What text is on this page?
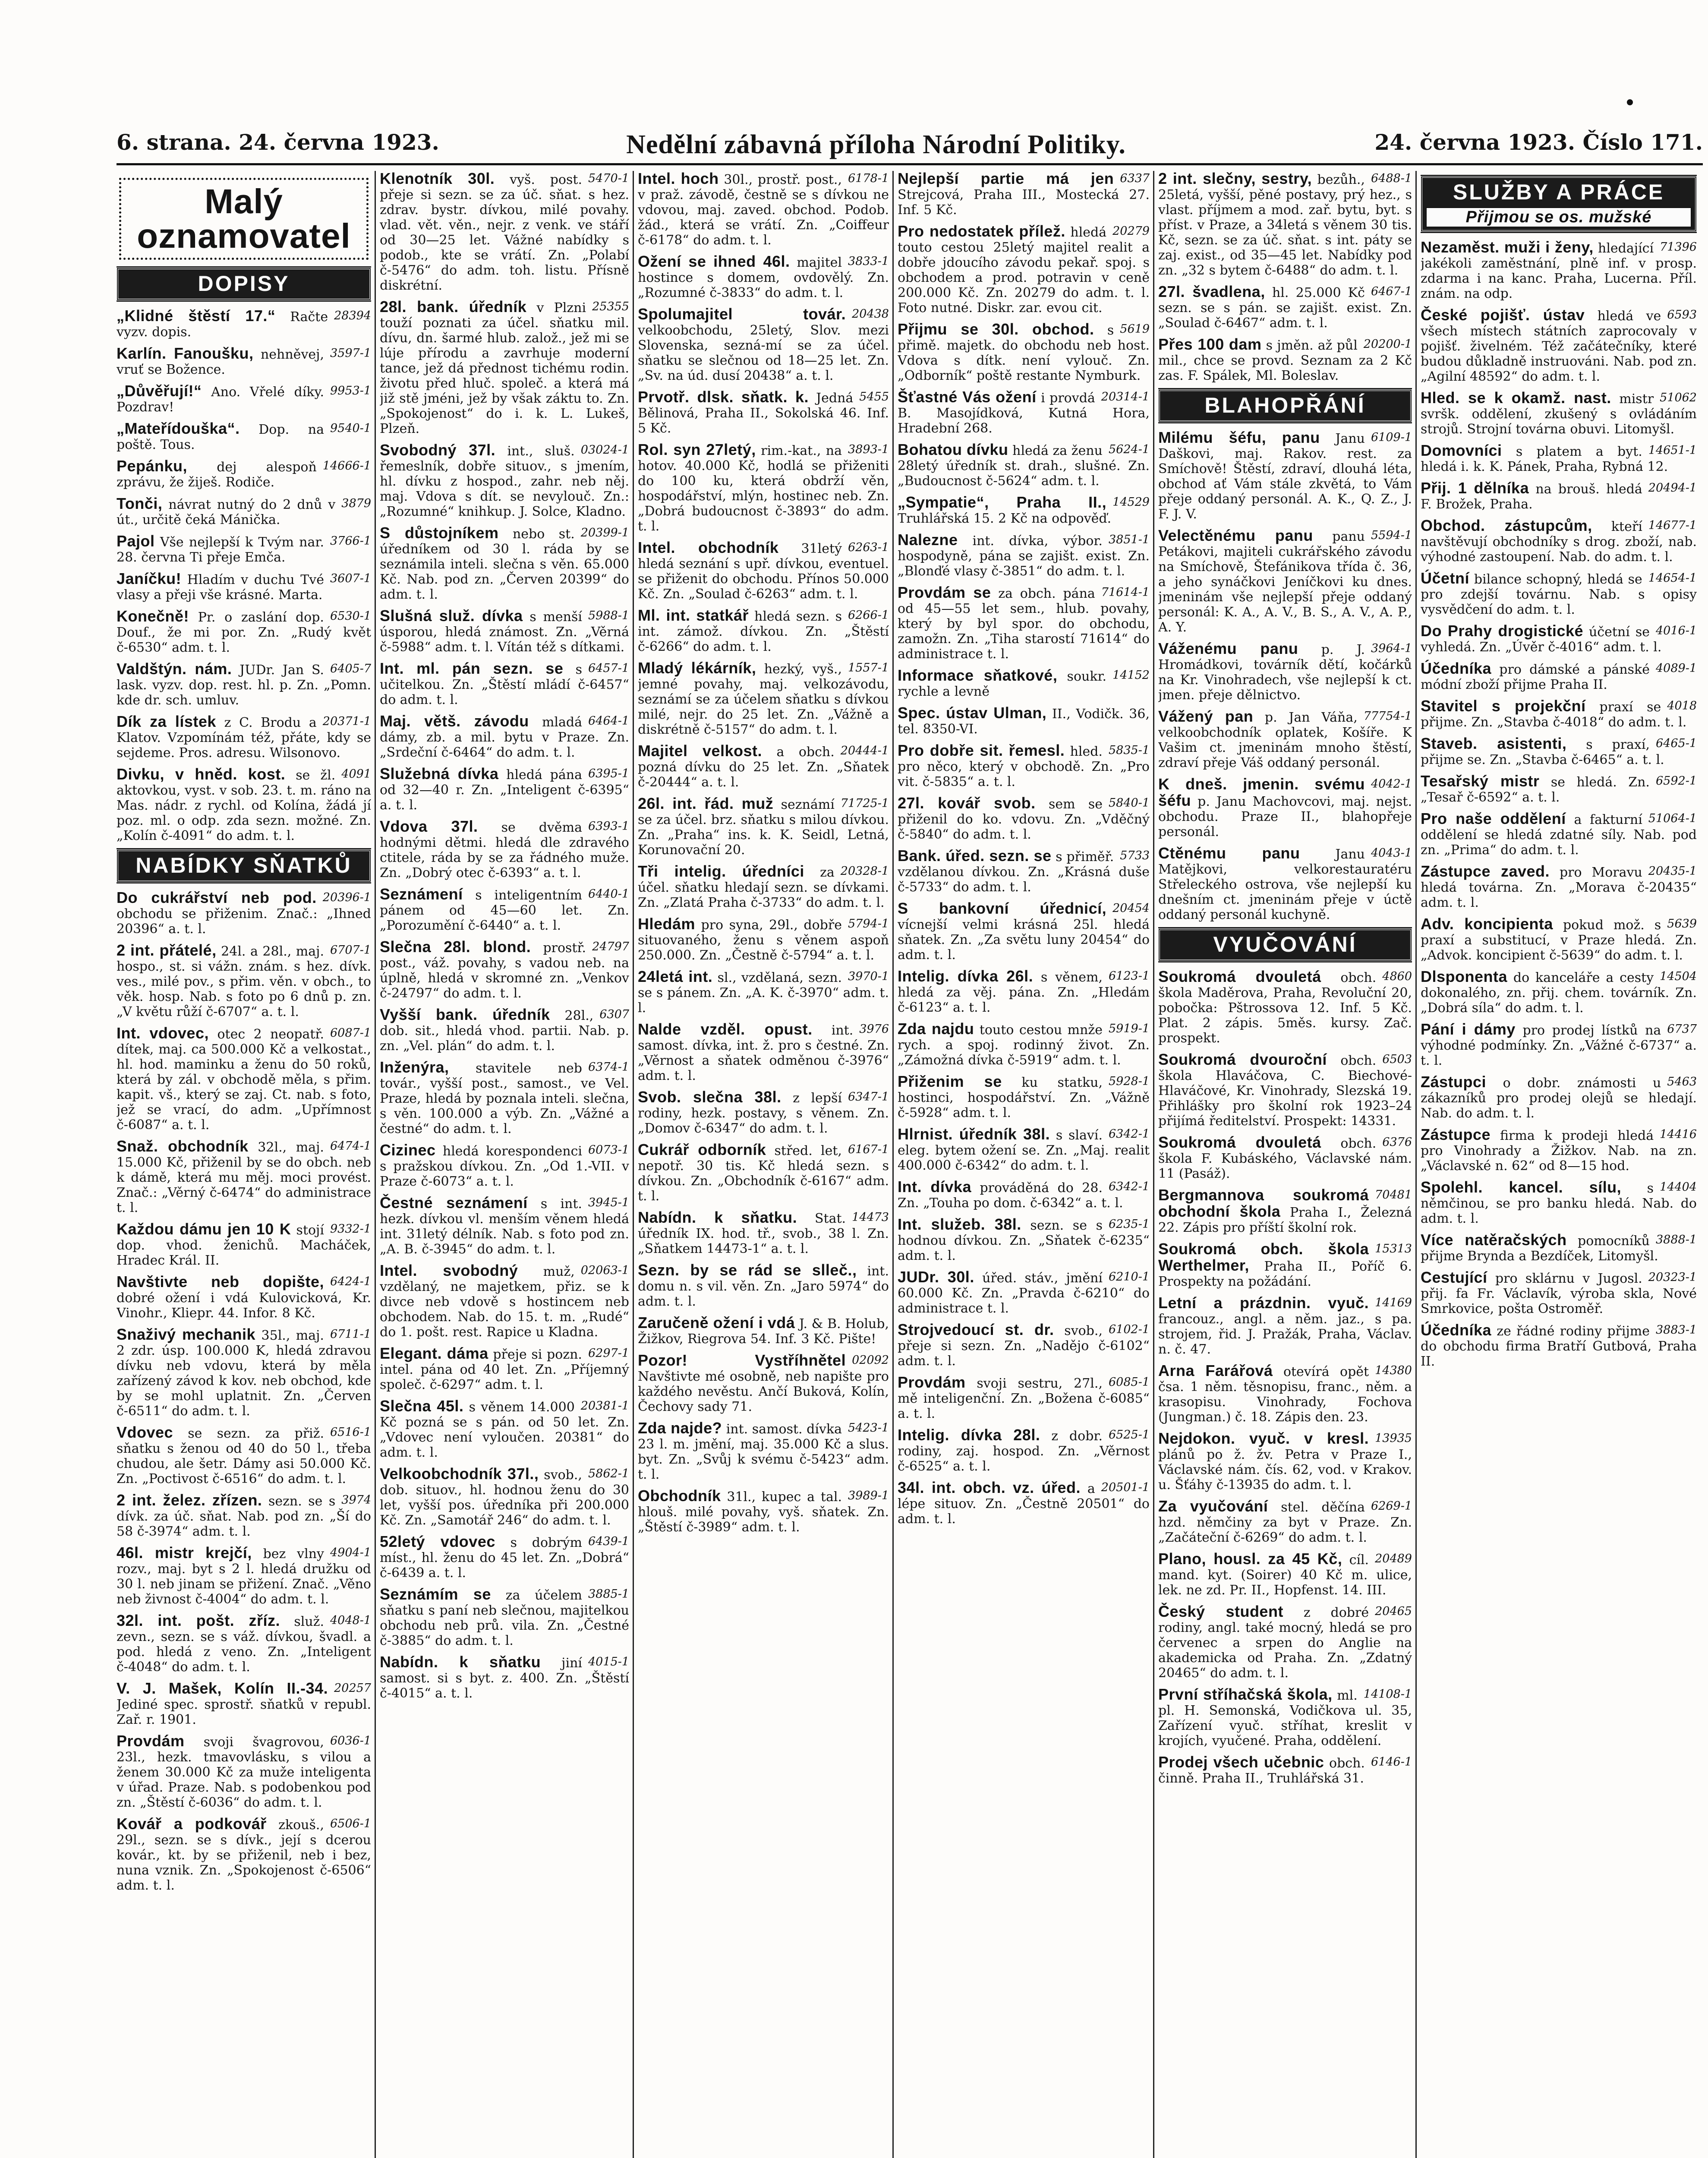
6. strana. 24. června 1923.	Nedělní zábavná příloha Národní Politiky.	24. června 1923. Číslo 171.
Malý
oznamovatel
DOPISY
28394
„Klidné štěstí 17.“ Račte vyzv. dopis.
3597-1
Karlín. Fanoušku, nehněvej, vruť se Božence.
9953-1
„Důvěřují!“ Ano. Vřelé díky. Pozdrav!
9540-1
„Mateřídouška“. Dop. na poště. Tous.
14666-1
Pepánku, dej alespoň zprávu, že žiješ. Rodiče.
3879
Tonči, návrat nutný do 2 dnů v út., určitě čeká Mánička.
3766-1
Pajol Vše nejlepší k Tvým nar. 28. června Ti přeje Emča.
3607-1
Janíčku! Hladím v duchu Tvé vlasy a přeji vše krásné. Marta.
6530-1
Konečně! Pr. o zaslání dop. Douf., že mi por. Zn. „Rudý květ č-6530“ adm. t. l.
6405-7
Valdštýn. nám. JUDr. Jan S. lask. vyzv. dop. rest. hl. p. Zn. „Pomn. kde dr. sch. umluv.
20371-1
Dík za lístek z C. Brodu a Klatov. Vzpomínám též, přáte, kdy se sejdeme. Pros. adresu. Wilsonovo.
4091
Divku, v hněd. kost. se žl. aktovkou, vyst. v sob. 23. t. m. ráno na Mas. nádr. z rychl. od Kolína, žádá jí poz. ml. o odp. zda sezn. možné. Zn. „Kolín č-4091“ do adm. t. l.
NABÍDKY SŇATKŮ
20396-1
Do cukrářství neb pod. obchodu se přiženim. Znač.: „Ihned 20396“ a. t. l.
6707-1
2 int. přátelé, 24l. a 28l., maj. hospo., st. si vážn. znám. s hez. dívk. ves., milé pov., s přim. věn. v obch., to věk. hosp. Nab. s foto po 6 dnů p. zn. „V květu růží č-6707“ a. t. l.
6087-1
Int. vdovec, otec 2 neopatř. dítek, maj. ca 500.000 Kč a velkostat., hl. hod. maminku a ženu do 50 roků, která by zál. v obchodě měla, s přim. kapit. vš., který se zaj. Ct. nab. s foto, jež se vrací, do adm. „Upřímnost č-6087“ a. t. l.
6474-1
Snaž. obchodník 32l., maj. 15.000 Kč, přiženil by se do obch. neb k dámě, která mu měj. moci provést. Znač.: „Věrný č-6474“ do administrace t. l.
9332-1
Každou dámu jen 10 K stojí dop. vhod. ženichů. Macháček, Hradec Král. II.
6424-1
Navštivte neb dopište, dobré ožení i vdá Kulovicková, Kr. Vinohr., Kliepr. 44. Infor. 8 Kč.
6711-1
Snaživý mechanik 35l., maj. 2 zdr. úsp. 100.000 K, hledá zdravou dívku neb vdovu, která by měla zařízený závod k kov. neb obchod, kde by se mohl uplatnit. Zn. „Červen č-6511“ do adm. t. l.
6516-1
Vdovec se sezn. za přiž. sňatku s ženou od 40 do 50 l., třeba chudou, ale šetr. Dámy asi 50.000 Kč. Zn. „Poctivost č-6516“ do adm. t. l.
3974
2 int. želez. zřízen. sezn. se s dívk. za úč. sňat. Nab. pod zn. „Ší do 58 č-3974“ adm. t. l.
4904-1
46l. mistr krejčí, bez vlny rozv., maj. byt s 2 l. hledá družku od 30 l. neb jinam se přižení. Znač. „Věno neb živnost č-4004“ do adm. t. l.
4048-1
32l. int. pošt. zříz. služ. zevn., sezn. se s váž. dívkou, švadl. a pod. hledá z veno. Zn. „Inteligent č-4048“ do adm. t. l.
20257
V. J. Mašek, Kolín II.-34. Jediné spec. sprostř. sňatků v republ. Zař. r. 1901.
6036-1
Provdám svoji švagrovou, 23l., hezk. tmavovlásku, s vilou a ženem 30.000 Kč za muže inteligenta v úřad. Praze. Nab. s podobenkou pod zn. „Štěstí č-6036“ do adm. t. l.
6506-1
Kovář a podkovář zkouš., 29l., sezn. se s dívk., její s dcerou kovár., kt. by se přiženil, neb i bez, nuna vznik. Zn. „Spokojenost č-6506“ adm. t. l.
5470-1
Klenotník 30l. vyš. post. přeje si sezn. se za úč. sňat. s hez. zdrav. bystr. dívkou, milé povahy. vlad. vět. věn., nejr. z venk. ve stáří od 30—25 let. Vážné nabídky s podob., kte se vrátí. Zn. „Polabí č-5476“ do adm. toh. listu. Přísně diskrétní.
25355
28l. bank. úředník v Plzni touží poznati za účel. sňatku mil. dívu, dn. šarmé hlub. založ., jež mi se lúje přírodu a zavrhuje moderní tance, jež dá přednost tichému rodin. životu před hluč. společ. a která má již stě jméni, jež by však záktu to. Zn. „Spokojenost“ do i. k. L. Lukeš, Plzeň.
03024-1
Svobodný 37l. int., sluš. řemeslník, dobře situov., s jmením, hl. dívku z hospod., zahr. neb něj. maj. Vdova s dít. se nevylouč. Zn.: „Rozumné“ knihkup. J. Solce, Kladno.
20399-1
S důstojníkem nebo st. úředníkem od 30 l. ráda by se seznámila inteli. slečna s věn. 65.000 Kč. Nab. pod zn. „Červen 20399“ do adm. t. l.
5988-1
Slušná služ. dívka s menší úsporou, hledá známost. Zn. „Věrná č-5988“ adm. t. l. Vítán též s dítkami.
6457-1
Int. ml. pán sezn. se s učitelkou. Zn. „Štěstí mládí č-6457“ do adm. t. l.
6464-1
Maj. větš. závodu mladá dámy, zb. a mil. bytu v Praze. Zn. „Srdeční č-6464“ do adm. t. l.
6395-1
Služebná dívka hledá pána od 32—40 r. Zn. „Inteligent č-6395“ a. t. l.
6393-1
Vdova 37l. se dvěma hodnými dětmi. hledá dle zdravého ctitele, ráda by se za řádného muže. Zn. „Dobrý otec č-6393“ a. t. l.
6440-1
Seznámení s inteligentním pánem od 45—60 let. Zn. „Porozumění č-6440“ a. t. l.
24797
Slečna 28l. blond. prostř. post., váž. povahy, s vadou neb. na úplně, hledá v skromné zn. „Venkov č-24797“ do adm. t. l.
6307
Vyšší bank. úředník 28l., dob. sit., hledá vhod. partii. Nab. p. zn. „Vel. plán“ do adm. t. l.
6374-1
Inženýra, stavitele neb továr., vyšší post., samost., ve Vel. Praze, hledá by poznala inteli. slečna, s věn. 100.000 a výb. Zn. „Vážné a čestné“ do adm. t. l.
6073-1
Cizinec hledá korespondenci s pražskou dívkou. Zn. „Od 1.-VII. v Praze č-6073“ a. t. l.
3945-1
Čestné seznámení s int. hezk. dívkou vl. menším věnem hledá int. 31letý délník. Nab. s foto pod zn. „A. B. č-3945“ do adm. t. l.
02063-1
Intel. svobodný muž, vzdělaný, ne majetkem, přiz. se k divce neb vdově s hostincem neb obchodem. Nab. do 15. t. m. „Rudé“ do 1. pošt. rest. Rapice u Kladna.
6297-1
Elegant. dáma přeje si pozn. intel. pána od 40 let. Zn. „Příjemný společ. č-6297“ adm. t. l.
20381-1
Slečna 45l. s věnem 14.000 Kč pozná se s pán. od 50 let. Zn. „Vdovec není vyloučen. 20381“ do adm. t. l.
5862-1
Velkoobchodník 37l., svob., dob. situov., hl. hodnou ženu do 30 let, vyšší pos. úředníka při 200.000 Kč. Zn. „Samotář 246“ do adm. t. l.
6439-1
52letý vdovec s dobrým míst., hl. ženu do 45 let. Zn. „Dobrá“ č-6439 a. t. l.
3885-1
Seznámím se za účelem sňatku s paní neb slečnou, majitelkou obchodu neb prů. vila. Zn. „Čestné č-3885“ do adm. t. l.
4015-1
Nabídn. k sňatku jiní samost. si s byt. z. 400. Zn. „Štěstí č-4015“ a. t. l.
6178-1
Intel. hoch 30l., prostř. post., v praž. závodě, čestně se s dívkou ne vdovou, maj. zaved. obchod. Podob. žád., která se vrátí. Zn. „Coiffeur č-6178“ do adm. t. l.
3833-1
Ožení se ihned 46l. majitel hostince s domem, ovdovělý. Zn. „Rozumné č-3833“ do adm. t. l.
20438
Spolumajitel továr. velkoobchodu, 25letý, Slov. mezi Slovenska, sezná-mí se za účel. sňatku se slečnou od 18—25 let. Zn. „Sv. na úd. dusí 20438“ a. t. l.
5455
Prvotř. dlsk. sňatk. k. Jedná Bělinová, Praha II., Sokolská 46. Inf. 5 Kč.
3893-1
Rol. syn 27letý, rim.-kat., na hotov. 40.000 Kč, hodlá se přiženiti do 100 ku, která obdrží věn, hospodářství, mlýn, hostinec neb. Zn. „Dobrá budoucnost č-3893“ do adm. t. l.
6263-1
Intel. obchodník 31letý hledá seznání s upř. dívkou, eventuel. se přiženit do obchodu. Přínos 50.000 Kč. Zn. „Soulad č-6263“ adm. t. l.
6266-1
Ml. int. statkář hledá sezn. s int. zámož. dívkou. Zn. „Štěstí č-6266“ do adm. t. l.
1557-1
Mladý lékárník, hezký, vyš., jemné povahy, maj. velkozávodu, seznámí se za účelem sňatku s dívkou milé, nejr. do 25 let. Zn. „Vážně a diskrétně č-5157“ do adm. t. l.
20444-1
Majitel velkost. a obch. pozná dívku do 25 let. Zn. „Sňatek č-20444“ a. t. l.
71725-1
26l. int. řád. muž seznámí se za účel. brz. sňatku s milou dívkou. Zn. „Praha“ ins. k. K. Seidl, Letná, Korunovační 20.
20328-1
Tři intelig. úředníci za účel. sňatku hledají sezn. se dívkami. Zn. „Zlatá Praha č-3733“ do adm. t. l.
5794-1
Hledám pro syna, 29l., dobře situovaného, ženu s věnem aspoň 250.000. Zn. „Čestně č-5794“ a. t. l.
3970-1
24letá int. sl., vzdělaná, sezn. se s pánem. Zn. „A. K. č-3970“ adm. t. l.
3976
Nalde vzděl. opust. int. samost. dívka, int. ž. pro s čestné. Zn. „Věrnost a sňatek odměnou č-3976“ adm. t. l.
6347-1
Svob. slečna 38l. z lepší rodiny, hezk. postavy, s věnem. Zn. „Domov č-6347“ do adm. t. l.
6167-1
Cukrář odborník střed. let, nepotř. 30 tis. Kč hledá sezn. s dívkou. Zn. „Obchodník č-6167“ adm. t. l.
14473
Nabídn. k sňatku. Stat. úředník IX. hod. tř., svob., 38 l. Zn. „Sňatkem 14473-1“ a. t. l.
Sezn. by se rád se slleč., int. domu n. s vil. věn. Zn. „Jaro 5974“ do adm. t. l.
Zaručeně ožení i vdá J. & B. Holub, Žižkov, Riegrova 54. Inf. 3 Kč. Pište!
02092
Pozor! Vystříhnětel Navštivte mé osobně, neb napište pro každého nevěstu. Ančí Buková, Kolín, Čechovy sady 71.
5423-1
Zda najde? int. samost. dívka 23 l. m. jmění, maj. 35.000 Kč a slus. byt. Zn. „Svůj k svému č-5423“ adm. t. l.
3989-1
Obchodník 31l., kupec a tal. hlouš. milé povahy, vyš. sňatek. Zn. „Štěstí č-3989“ adm. t. l.
6337
Nejlepší partie má jen Strejcová, Praha III., Mostecká 27. Inf. 5 Kč.
20279
Pro nedostatek přílež. hledá touto cestou 25letý majitel realit a dobře jdoucího závodu pekař. spoj. s obchodem a prod. potravin v ceně 200.000 Kč. Zn. 20279 do adm. t. l. Foto nutné. Diskr. zar. evou cit.
5619
Přijmu se 30l. obchod. s přimě. majetk. do obchodu neb host. Vdova s dítk. není vylouč. Zn. „Odborník“ poště restante Nymburk.
20314-1
Šťastné Vás ožení i provdá B. Masojídková, Kutná Hora, Hradební 268.
5624-1
Bohatou dívku hledá za ženu 28letý úředník st. drah., slušné. Zn. „Budoucnost č-5624“ adm. t. l.
14529
„Sympatie“, Praha II., Truhlářská 15. 2 Kč na odpověď.
3851-1
Nalezne int. dívka, výbor. hospodyně, pána se zajišt. exist. Zn. „Blonďé vlasy č-3851“ do adm. t. l.
71614-1
Provdám se za obch. pána od 45—55 let sem., hlub. povahy, který by byl spor. do obchodu, zamožn. Zn. „Tiha starostí 71614“ do administrace t. l.
14152
Informace sňatkové, soukr. rychle a levně
Spec. ústav Ulman, II., Vodičk. 36, tel. 8350-VI.
5835-1
Pro dobře sit. řemesl. hled. pro něco, který v obchodě. Zn. „Pro vit. č-5835“ a. t. l.
5840-1
27l. kovář svob. sem se přiženil do ko. vdovu. Zn. „Vděčný č-5840“ do adm. t. l.
5733
Bank. úřed. sezn. se s přiměř. vzdělanou dívkou. Zn. „Krásná duše č-5733“ do adm. t. l.
20454
S bankovní úřednicí, vícnejší velmi krásná 25l. hledá sňatek. Zn. „Za světu luny 20454“ do adm. t. l.
6123-1
Intelig. dívka 26l. s věnem, hledá za věj. pána. Zn. „Hledám č-6123“ a. t. l.
5919-1
Zda najdu touto cestou mnže rych. a spoj. rodinný život. Zn. „Zámožná dívka č-5919“ adm. t. l.
5928-1
Přiženim se ku statku, hostinci, hospodářství. Zn. „Vážně č-5928“ adm. t. l.
6342-1
Hlrnist. úředník 38l. s slaví. eleg. bytem ožení se. Zn. „Maj. realit 400.000 č-6342“ do adm. t. l.
6342-1
Int. dívka prováděná do 28. Zn. „Touha po dom. č-6342“ a. t. l.
6235-1
Int. služeb. 38l. sezn. se s hodnou dívkou. Zn. „Sňatek č-6235“ adm. t. l.
6210-1
JUDr. 30l. úřed. stáv., jmění 60.000 Kč. Zn. „Pravda č-6210“ do administrace t. l.
6102-1
Strojvedoucí st. dr. svob., přeje si sezn. Zn. „Nadějo č-6102“ adm. t. l.
6085-1
Provdám svoji sestru, 27l., mě inteligenční. Zn. „Božena č-6085“ a. t. l.
6525-1
Intelig. dívka 28l. z dobr. rodiny, zaj. hospod. Zn. „Věrnost č-6525“ a. t. l.
20501-1
34l. int. obch. vz. úřed. a lépe situov. Zn. „Čestně 20501“ do adm. t. l.
6488-1
2 int. slečny, sestry, bezůh., 25letá, vyšší, pěné postavy, prý hez., s vlast. příjmem a mod. zař. bytu, byt. s příst. v Praze, a 34letá s věnem 30 tis. Kč, sezn. se za úč. sňat. s int. páty se zaj. exist., od 35—45 let. Nabídky pod zn. „32 s bytem č-6488“ do adm. t. l.
6467-1
27l. švadlena, hl. 25.000 Kč sezn. se s pán. se zajišt. exist. Zn. „Soulad č-6467“ adm. t. l.
20200-1
Přes 100 dam s jměn. až půl mil., chce se provd. Seznam za 2 Kč zas. F. Spálek, Ml. Boleslav.
BLAHOPŘÁNÍ
6109-1
Milému šéfu, panu Janu Daškovi, maj. Rakov. rest. za Smíchově! Štěstí, zdraví, dlouhá léta, obchod ať Vám stále zkvětá, to Vám přeje oddaný personál. A. K., Q. Z., J. F. J. V.
5594-1
Velectěnému panu panu Petákovi, majiteli cukrářského závodu na Smíchově, Štefánikova třída č. 36, a jeho synáčkovi Jeníčkovi ku dnes. jmeninám vše nejlepší přeje oddaný personál: K. A., A. V., B. S., A. V., A. P., A. Y.
3964-1
Váženému panu p. J. Hromádkovi, továrník dětí, kočárků na Kr. Vinohradech, vše nejlepší k ct. jmen. přeje dělnictvo.
77754-1
Vážený pan p. Jan Váňa, velkoobchodník oplatek, Košíře. K Vašim ct. jmeninám mnoho štěstí, zdraví přeje Váš oddaný personál.
4042-1
K dneš. jmenin. svému šéfu p. Janu Machovcovi, maj. nejst. obchodu. Praze II., blahopřeje personál.
4043-1
Ctěnému panu	Janu Matějkovi, velkorestauratéru Střeleckého ostrova, vše nejlepší ku dnešním ct. jmeninám přeje v úctě oddaný personál kuchyně.
VYUČOVÁNÍ
4860
Soukromá dvouletá obch. škola Maděrova, Praha, Revoluční 20, pobočka: Pštrossova 12. Inf. 5 Kč. Plat. 2 zápis. 5měs. kursy. Zač. prospekt.
6503
Soukromá dvouroční obch. škola Hlaváčova, C. Biechové-Hlaváčové, Kr. Vinohrady, Slezská 19. Přihlášky pro školní rok 1923–24 přijímá ředitelství. Prospekt: 14331.
6376
Soukromá dvouletá obch. škola F. Kubáského, Václavské nám. 11 (Pasáž).
70481
Bergmannova soukromá obchodní škola Praha I., Železná 22. Zápis pro příští školní rok.
15313
Soukromá obch. škola Werthelmer, Praha II., Poříč 6. Prospekty na požádání.
14169
Letní a prázdnin. vyuč. francouz., angl. a něm. jaz., s pa. strojem, řid. J. Pražák, Praha, Václav. n. č. 47.
14380
Arna Farářová otevírá opět čsa. 1 něm. těsnopisu, franc., něm. a krasopisu. Vinohrady, Fochova (Jungman.) č. 18. Zápis den. 23.
13935
Nejdokon. vyuč. v kresl. plánů po ž. žv. Petra v Praze I., Václavské nám. čís. 62, vod. v Krakov. u. Šťáhy č-13935 do adm. t. l.
6269-1
Za vyučování stel. děčína hzd. němčiny za byt v Praze. Zn. „Začáteční č-6269“ do adm. t. l.
20489
Plano, housl. za 45 Kč, cíl. mand. kyt. (Soirer) 40 Kč m. ulice, lek. ne zd. Pr. II., Hopfenst. 14. III.
20465
Český student z dobré rodiny, angl. také mocný, hledá se pro červenec a srpen do Anglie na akademicka od Praha. Zn. „Zdatný 20465“ do adm. t. l.
14108-1
První stříhačská škola, ml. pl. H. Semonská, Vodičkova ul. 35, Zařízení vyuč. stříhat, kreslit v krojích, vyučené. Praha, oddělení.
6146-1
Prodej všech učebnic obch. činně. Praha II., Truhlářská 31.
SLUŽBY A PRÁCE
Přijmou se os. mužské
71396
Nezaměst. muži i ženy, hledající jakékoli zaměstnání, plně inf. v prosp. zdarma i na kanc. Praha, Lucerna. Příl. znám. na odp.
6593
České pojišť. ústav hledá ve všech místech státních zaprocovaly v pojišť. živelném. Též začátečníky, které budou důkladně instruováni. Nab. pod zn. „Agilní 48592“ do adm. t. l.
51062
Hled. se k okamž. nast. mistr svršk. oddělení, zkušený s ovládáním strojů. Strojní továrna obuvi. Litomyšl.
14651-1
Domovníci s platem a byt. hledá i. k. K. Pánek, Praha, Rybná 12.
20494-1
Přij. 1 dělníka na brouš. hledá F. Brožek, Praha.
14677-1
Obchod. zástupcům, kteří navštěvují obchodníky s drog. zboží, nab. výhodné zastoupení. Nab. do adm. t. l.
14654-1
Účetní bilance schopný, hledá se pro zdejší továrnu. Nab. s opisy vysvědčení do adm. t. l.
4016-1
Do Prahy drogistické účetní se vyhledá. Zn. „Úvěr č-4016“ adm. t. l.
4089-1
Účedníka pro dámské a pánské módní zboží přijme Praha II.
4018
Stavitel s projekční praxí se přijme. Zn. „Stavba č-4018“ do adm. t. l.
6465-1
Staveb. asistenti, s praxí, přijme se. Zn. „Stavba č-6465“ a. t. l.
6592-1
Tesařský mistr se hledá. Zn. „Tesař č-6592“ a. t. l.
51064-1
Pro naše oddělení a fakturní oddělení se hledá zdatné síly. Nab. pod zn. „Prima“ do adm. t. l.
20435-1
Zástupce zaved. pro Moravu hledá továrna. Zn. „Morava č-20435“ adm. t. l.
5639
Adv. koncipienta pokud mož. s praxí a substitucí, v Praze hledá. Zn. „Advok. koncipient č-5639“ do adm. t. l.
14504
Dlsponenta do kanceláře a cesty dokonalého, zn. přij. chem. továrník. Zn. „Dobrá síla“ do adm. t. l.
6737
Pání i dámy pro prodej lístků na výhodné podmínky. Zn. „Vážné č-6737“ a. t. l.
5463
Zástupci o dobr. známosti u zákazníků pro prodej olejů se hledají. Nab. do adm. t. l.
14416
Zástupce firma k prodeji hledá pro Vinohrady a Žižkov. Nab. na zn. „Václavské n. 62“ od 8—15 hod.
14404
Spolehl. kancel. sílu, s němčinou, se pro banku hledá. Nab. do adm. t. l.
3888-1
Více natěračských pomocníků přijme Brynda a Bezdíček, Litomyšl.
20323-1
Cestující pro sklárnu v Jugosl. přij. fa Fr. Václavík, výroba skla, Nové Smrkovice, pošta Ostroměř.
3883-1
Účedníka ze řádné rodiny přijme do obchodu firma Bratří Gutbová, Praha II.
